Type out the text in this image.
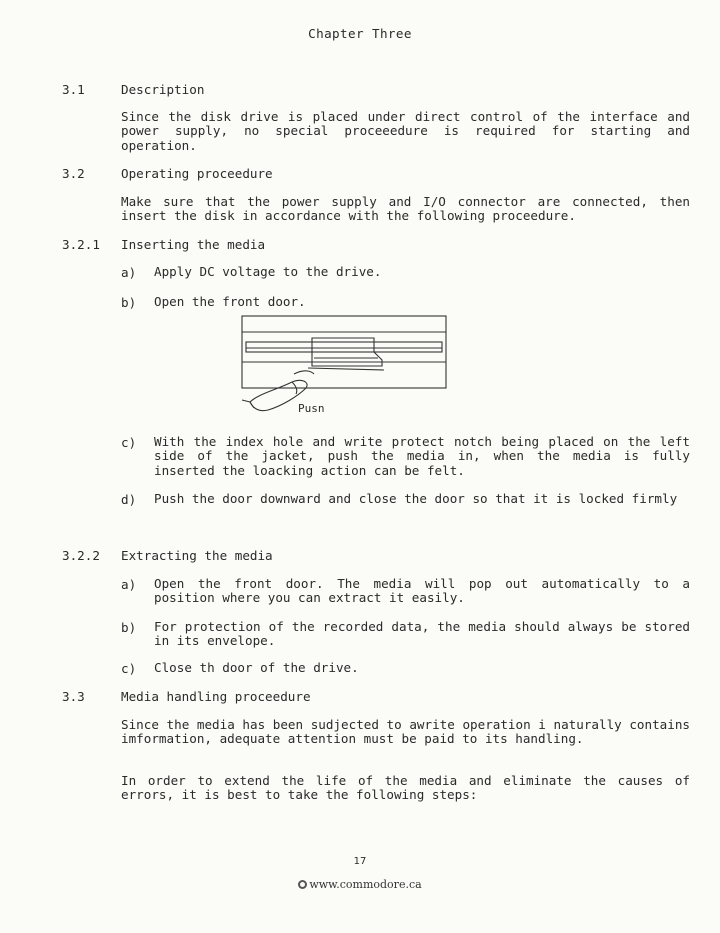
Chapter Three
3.1	Description
Since the disk drive is placed under direct control of the interface and power supply, no special proceeedure is required for starting and operation.
3.2	Operating proceedure
Make sure that the power supply and I/O connector are connected, then insert the disk in accordance with the following proceedure.
3.2.1 Inserting the media
a) Apply DC voltage to the drive.
b) Open the front door.
Pusn
c) With the index hole and write protect notch being placed on the left side of the jacket, push the media in, when the media is fully inserted the loacking action can be felt.
d) Push the door downward and close the door so that it is locked firmly
3.2.2 Extracting the media
a) Open the front door. The media will pop out automatically to a position where you can extract it easily.
b) For protection of the recorded data, the media should always be stored in its envelope.
c) Close th door of the drive.
3.3	Media handling proceedure
Since the media has been sudjected to awrite operation i naturally contains imformation, adequate attention must be paid to its handling.
In order to extend the life of the media and eliminate the causes of errors, it is best to take the following steps:
17
www.commodore.ca
